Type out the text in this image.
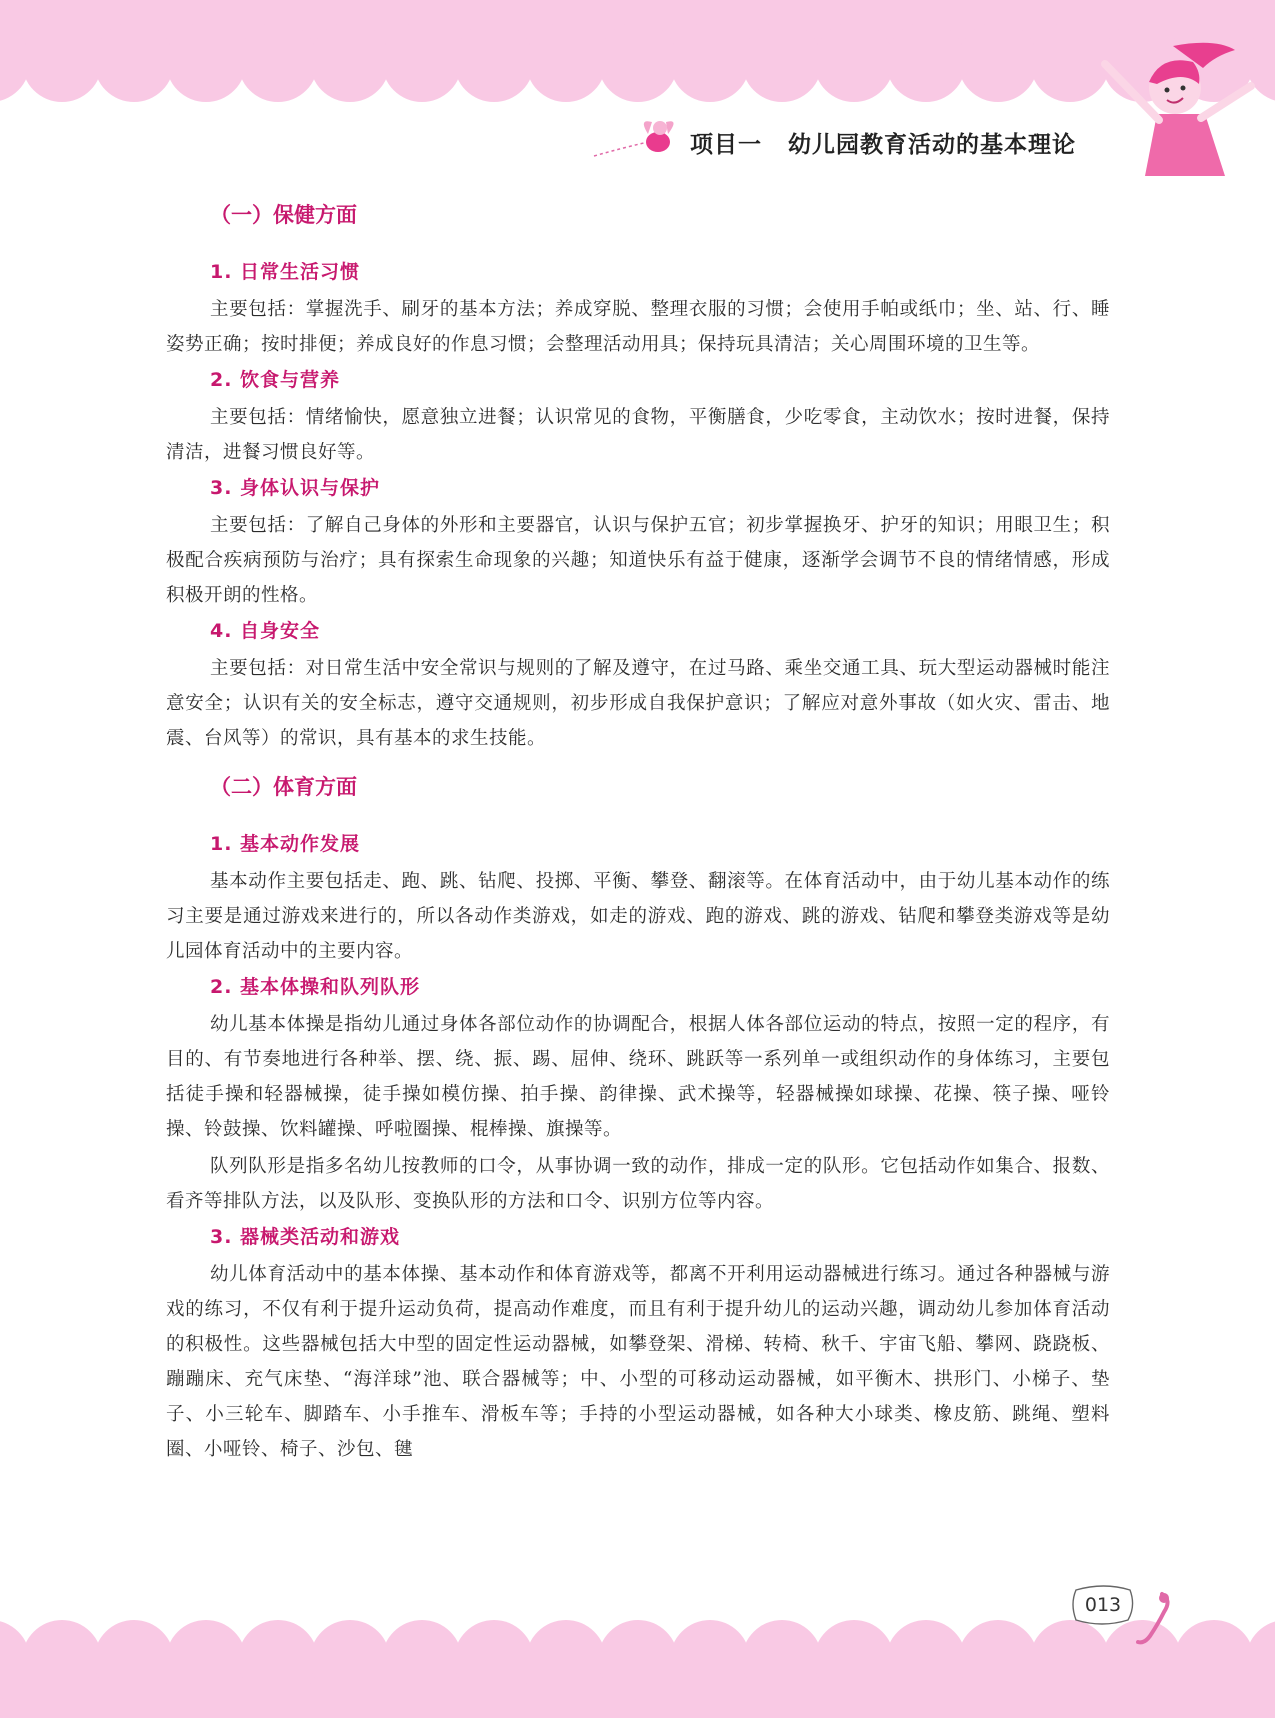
项目一 幼儿园教育活动的基本理论
（一）保健方面
1. 日常生活习惯

主要包括：掌握洗手、刷牙的基本方法；养成穿脱、整理衣服的习惯；会使用手帕或纸巾；坐、站、行、睡姿势正确；按时排便；养成良好的作息习惯；会整理活动用具；保持玩具清洁；关心周围环境的卫生等。

2. 饮食与营养

主要包括：情绪愉快，愿意独立进餐；认识常见的食物，平衡膳食，少吃零食，主动饮水；按时进餐，保持清洁，进餐习惯良好等。

3. 身体认识与保护

主要包括：了解自己身体的外形和主要器官，认识与保护五官；初步掌握换牙、护牙的知识；用眼卫生；积极配合疾病预防与治疗；具有探索生命现象的兴趣；知道快乐有益于健康，逐渐学会调节不良的情绪情感，形成积极开朗的性格。

4. 自身安全

主要包括：对日常生活中安全常识与规则的了解及遵守，在过马路、乘坐交通工具、玩大型运动器械时能注意安全；认识有关的安全标志，遵守交通规则，初步形成自我保护意识；了解应对意外事故（如火灾、雷击、地震、台风等）的常识，具有基本的求生技能。

（二）体育方面
1. 基本动作发展

基本动作主要包括走、跑、跳、钻爬、投掷、平衡、攀登、翻滚等。在体育活动中，由于幼儿基本动作的练习主要是通过游戏来进行的，所以各动作类游戏，如走的游戏、跑的游戏、跳的游戏、钻爬和攀登类游戏等是幼儿园体育活动中的主要内容。

2. 基本体操和队列队形

幼儿基本体操是指幼儿通过身体各部位动作的协调配合，根据人体各部位运动的特点，按照一定的程序，有目的、有节奏地进行各种举、摆、绕、振、踢、屈伸、绕环、跳跃等一系列单一或组织动作的身体练习，主要包括徒手操和轻器械操，徒手操如模仿操、拍手操、韵律操、武术操等，轻器械操如球操、花操、筷子操、哑铃操、铃鼓操、饮料罐操、呼啦圈操、棍棒操、旗操等。

队列队形是指多名幼儿按教师的口令，从事协调一致的动作，排成一定的队形。它包括动作如集合、报数、看齐等排队方法，以及队形、变换队形的方法和口令、识别方位等内容。

3. 器械类活动和游戏

幼儿体育活动中的基本体操、基本动作和体育游戏等，都离不开利用运动器械进行练习。通过各种器械与游戏的练习，不仅有利于提升运动负荷，提高动作难度，而且有利于提升幼儿的运动兴趣，调动幼儿参加体育活动的积极性。这些器械包括大中型的固定性运动器械，如攀登架、滑梯、转椅、秋千、宇宙飞船、攀网、跷跷板、蹦蹦床、充气床垫、“海洋球”池、联合器械等；中、小型的可移动运动器械，如平衡木、拱形门、小梯子、垫子、小三轮车、脚踏车、小手推车、滑板车等；手持的小型运动器械，如各种大小球类、橡皮筋、跳绳、塑料圈、小哑铃、椅子、沙包、毽

013
